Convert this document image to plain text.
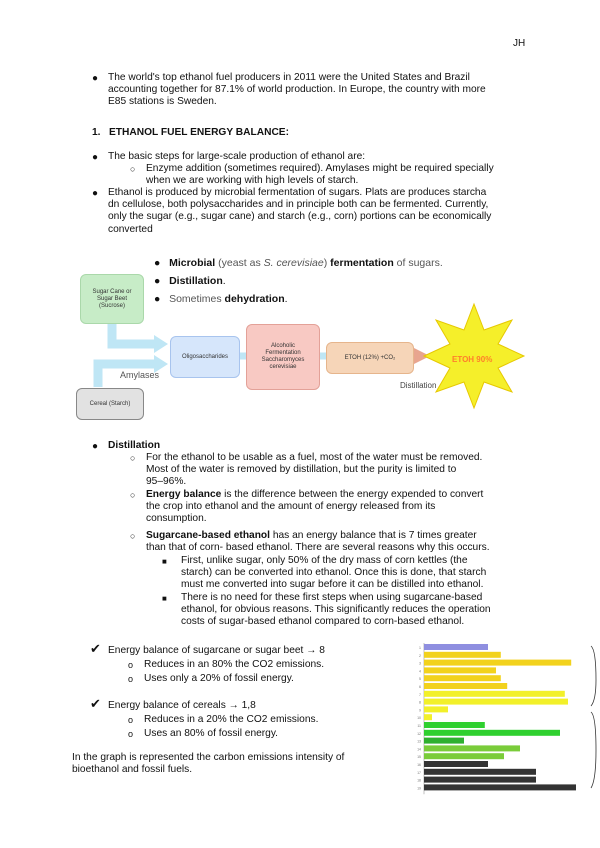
JH
● The world's top ethanol fuel producers in 2011 were the United States and Brazil
accounting together for 87.1% of world production. In Europe, the country with more
E85 stations is Sweden.
1. ETHANOL FUEL ENERGY BALANCE:
● The basic steps for large-scale production of ethanol are:
○ Enzyme addition (sometimes required). Amylases might be required specially
when we are working with high levels of starch.
● Ethanol is produced by microbial fermentation of sugars. Plats are produces starcha
dn cellulose, both polysaccharides and in principle both can be fermented. Currently,
only the sugar (e.g., sugar cane) and starch (e.g., corn) portions can be economically
converted
●   Microbial (yeast as S. cerevisiae) fermentation of sugars.
●   Distillation.
●   Sometimes dehydration.
Sugar Cane or
Sugar Beet
(Sucrose)
Cereal (Starch)
Amylases
Oligosaccharides
Alcoholic
Fermentation
Saccharomyces
cerevisiae
ETOH (12%) +CO₂	ETOH 90%
Distillation
● Distillation
○ For the ethanol to be usable as a fuel, most of the water must be removed.
Most of the water is removed by distillation, but the purity is limited to
95–96%.
○ Energy balance is the difference between the energy expended to convert
the crop into ethanol and the amount of energy released from its
consumption.
○ Sugarcane-based ethanol has an energy balance that is 7 times greater
than that of corn- based ethanol. There are several reasons why this occurs.
■ First, unlike sugar, only 50% of the dry mass of corn kettles (the
starch) can be converted into ethanol. Once this is done, that starch
must me converted into sugar before it can be distilled into ethanol.
■ There is no need for these first steps when using sugarcane-based
ethanol, for obvious reasons. This significantly reduces the operation
costs of sugar-based ethanol compared to corn-based ethanol.
✔ Energy balance of sugarcane or sugar beet → 8
o Reduces in an 80% the CO2 emissions.
o Uses only a 20% of fossil energy.
✔ Energy balance of cereals → 1,8
o Reduces in a 20% the CO2 emissions.
o Uses an 80% of fossil energy.
In the graph is represented the carbon emissions intensity of
bioethanol and fossil fuels.
1
2
3
4
5
6
7
8
9
10
11
12
13
14
15
16
17
18
19
